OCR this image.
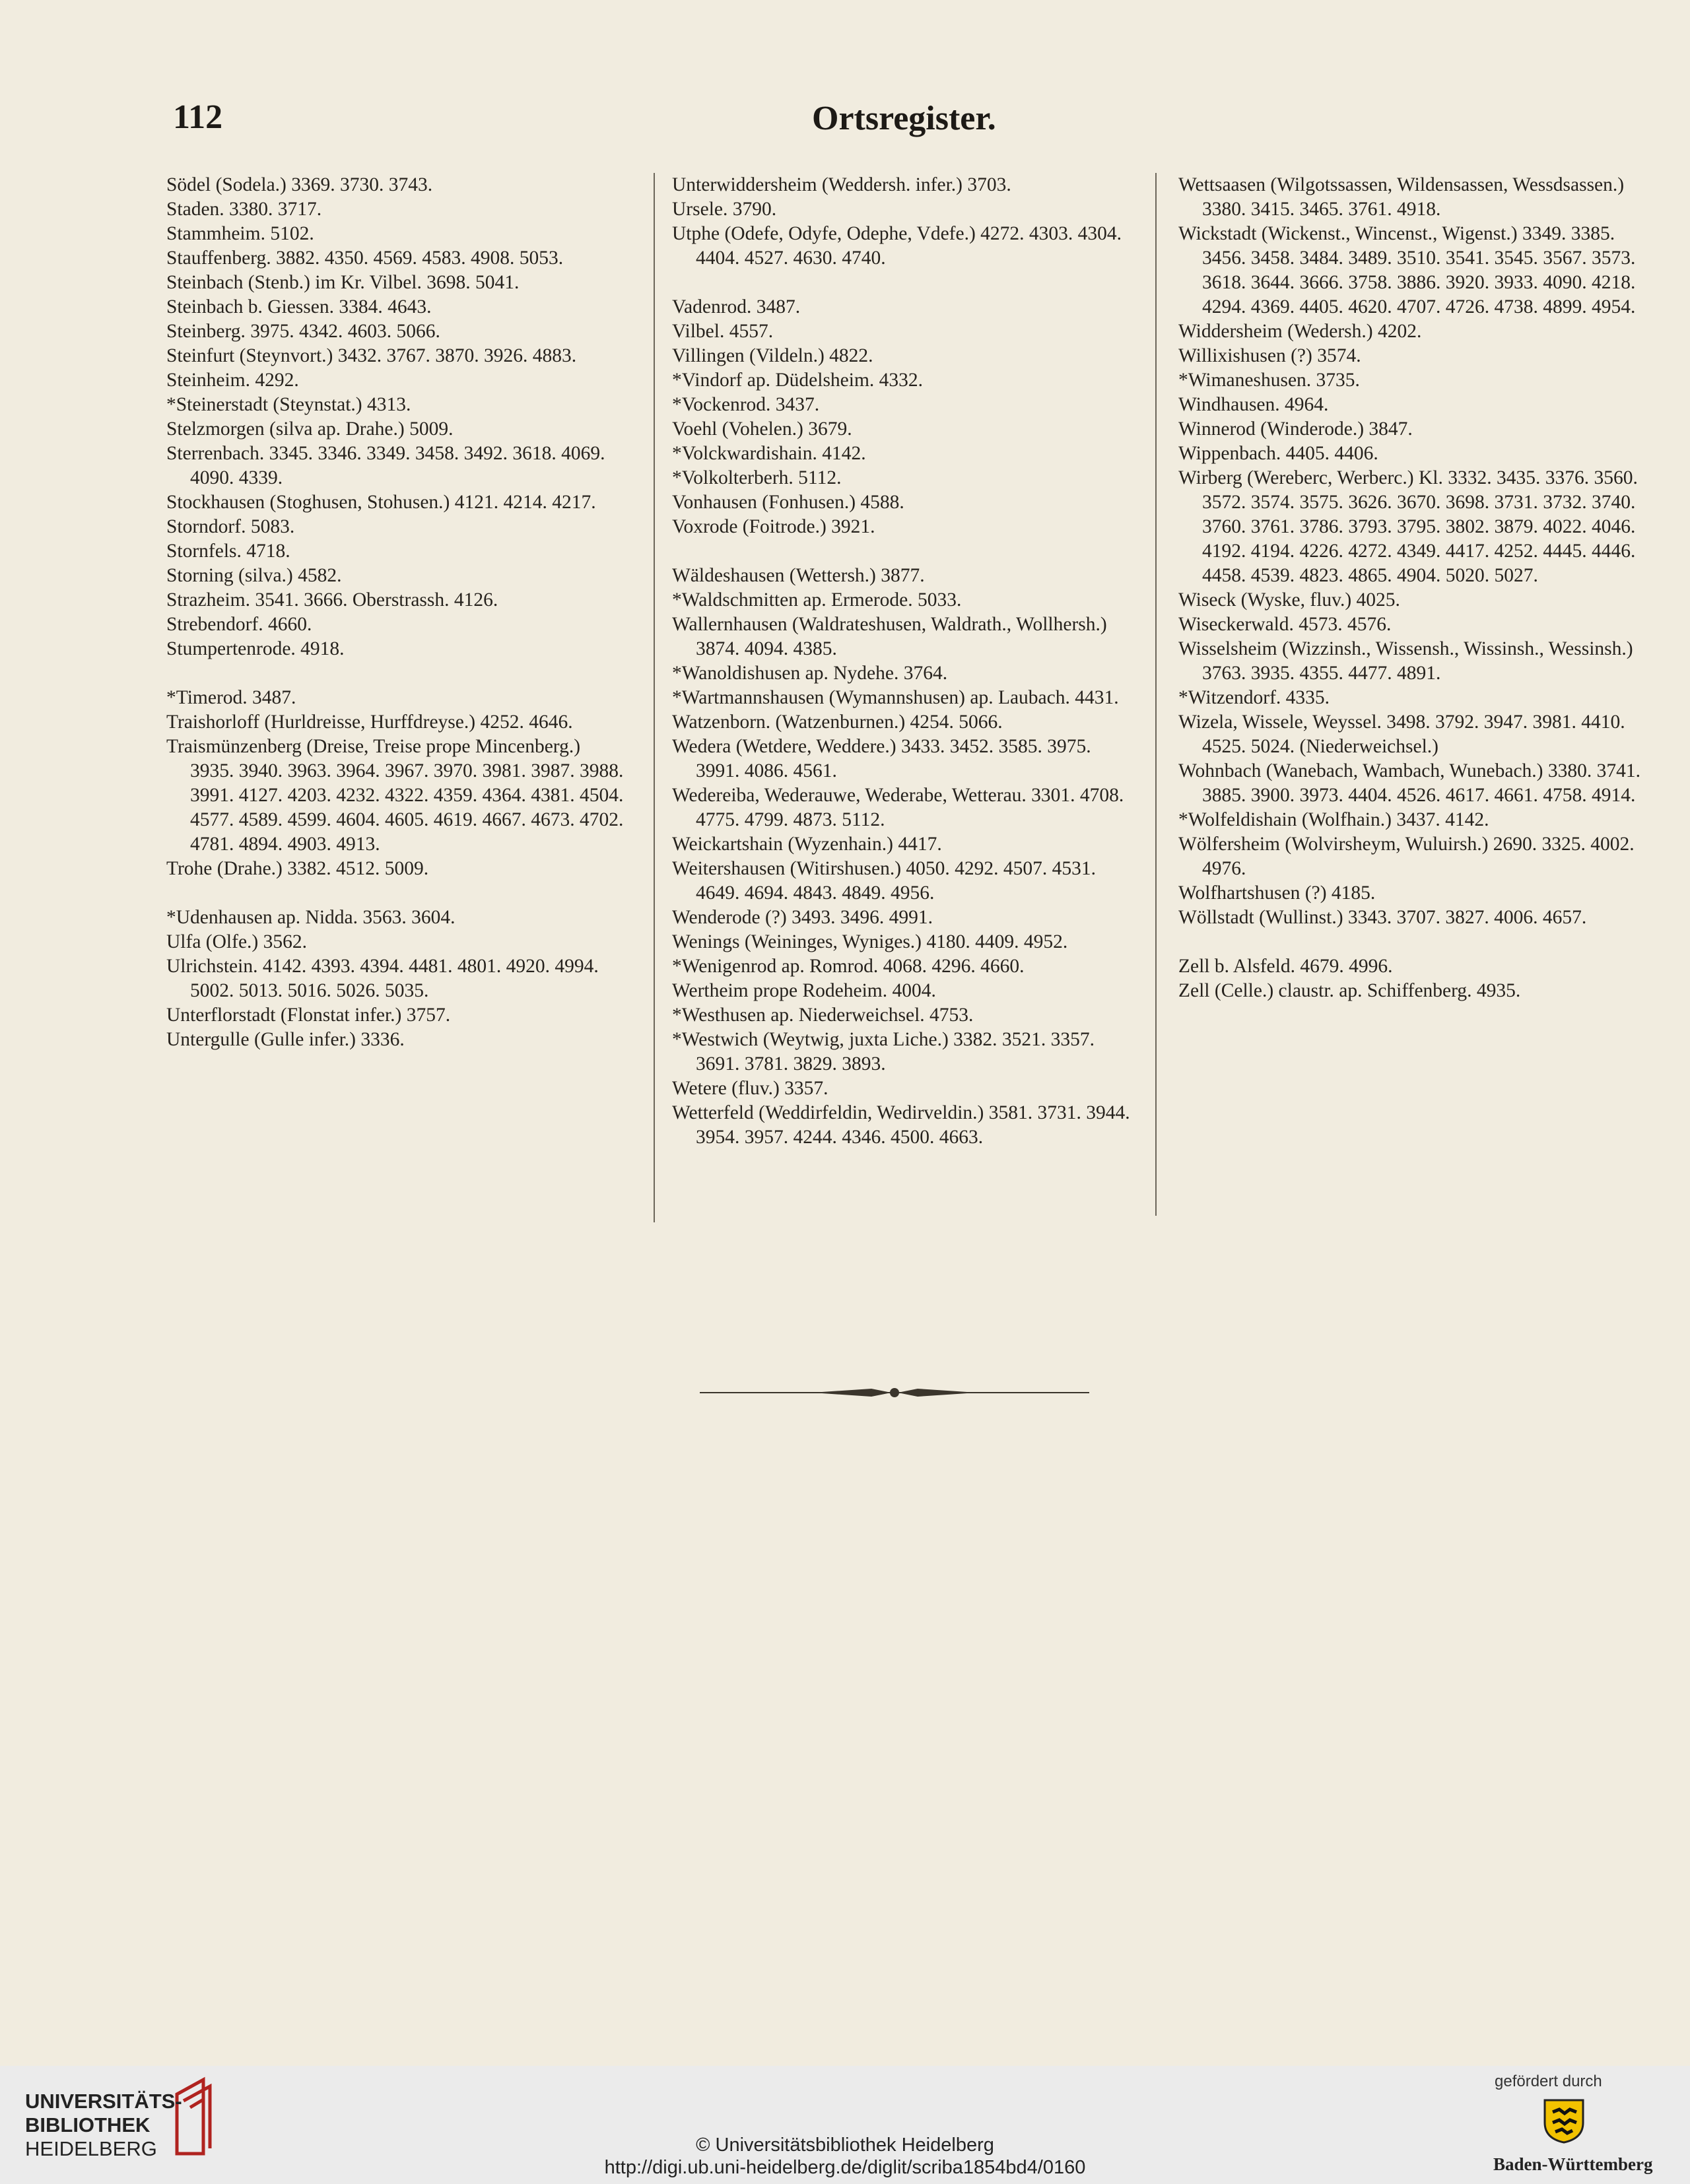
112	Ortsregister.

Södel (Sodela.) 3369. 3730. 3743.

Staden. 3380. 3717.

Stammheim. 5102.

Stauffenberg. 3882. 4350. 4569. 4583. 4908. 5053.

Steinbach (Stenb.) im Kr. Vilbel. 3698. 5041.

Steinbach b. Giessen. 3384. 4643.

Steinberg. 3975. 4342. 4603. 5066.

Steinfurt (Steynvort.) 3432. 3767. 3870. 3926. 4883.

Steinheim. 4292.

*Steinerstadt (Steynstat.) 4313.

Stelzmorgen (silva ap. Drahe.) 5009.

Sterrenbach. 3345. 3346. 3349. 3458. 3492. 3618. 4069. 4090. 4339.

Stockhausen (Stoghusen, Stohusen.) 4121. 4214. 4217.

Storndorf. 5083.

Stornfels. 4718.

Storning (silva.) 4582.

Strazheim. 3541. 3666. Oberstrassh. 4126.

Strebendorf. 4660.

Stumpertenrode. 4918.

*Timerod. 3487.

Traishorloff (Hurldreisse, Hurffdreyse.) 4252. 4646.

Traismünzenberg (Dreise, Treise prope Mincenberg.) 3935. 3940. 3963. 3964. 3967. 3970. 3981. 3987. 3988. 3991. 4127. 4203. 4232. 4322. 4359. 4364. 4381. 4504. 4577. 4589. 4599. 4604. 4605. 4619. 4667. 4673. 4702. 4781. 4894. 4903. 4913.

Trohe (Drahe.) 3382. 4512. 5009.

*Udenhausen ap. Nidda. 3563. 3604.

Ulfa (Olfe.) 3562.

Ulrichstein. 4142. 4393. 4394. 4481. 4801. 4920. 4994. 5002. 5013. 5016. 5026. 5035.

Unterflorstadt (Flonstat infer.) 3757.

Untergulle (Gulle infer.) 3336.

Unterwiddersheim (Weddersh. infer.) 3703.

Ursele. 3790.

Utphe (Odefe, Odyfe, Odephe, Vdefe.) 4272. 4303. 4304. 4404. 4527. 4630. 4740.

Vadenrod. 3487.

Vilbel. 4557.

Villingen (Vildeln.) 4822.

*Vindorf ap. Düdelsheim. 4332.

*Vockenrod. 3437.

Voehl (Vohelen.) 3679.

*Volckwardishain. 4142.

*Volkolterberh. 5112.

Vonhausen (Fonhusen.) 4588.

Voxrode (Foitrode.) 3921.

Wäldeshausen (Wettersh.) 3877.

*Waldschmitten ap. Ermerode. 5033.

Wallernhausen (Waldrateshusen, Waldrath., Wollhersh.) 3874. 4094. 4385.

*Wanoldishusen ap. Nydehe. 3764.

*Wartmannshausen (Wymannshusen) ap. Laubach. 4431.

Watzenborn. (Watzenburnen.) 4254. 5066.

Wedera (Wetdere, Weddere.) 3433. 3452. 3585. 3975. 3991. 4086. 4561.

Wedereiba, Wederauwe, Wederabe, Wetterau. 3301. 4708. 4775. 4799. 4873. 5112.

Weickartshain (Wyzenhain.) 4417.

Weitershausen (Witirshusen.) 4050. 4292. 4507. 4531. 4649. 4694. 4843. 4849. 4956.

Wenderode (?) 3493. 3496. 4991.

Wenings (Weininges, Wyniges.) 4180. 4409. 4952.

*Wenigenrod ap. Romrod. 4068. 4296. 4660.

Wertheim prope Rodeheim. 4004.

*Westhusen ap. Niederweichsel. 4753.

*Westwich (Weytwig, juxta Liche.) 3382. 3521. 3357. 3691. 3781. 3829. 3893.

Wetere (fluv.) 3357.

Wetterfeld (Weddirfeldin, Wedirveldin.) 3581. 3731. 3944. 3954. 3957. 4244. 4346. 4500. 4663.

Wettsaasen (Wilgotssassen, Wildensassen, Wessdsassen.) 3380. 3415. 3465. 3761. 4918.

Wickstadt (Wickenst., Wincenst., Wigenst.) 3349. 3385. 3456. 3458. 3484. 3489. 3510. 3541. 3545. 3567. 3573. 3618. 3644. 3666. 3758. 3886. 3920. 3933. 4090. 4218. 4294. 4369. 4405. 4620. 4707. 4726. 4738. 4899. 4954.

Widdersheim (Wedersh.) 4202.

Willixishusen (?) 3574.

*Wimaneshusen. 3735.

Windhausen. 4964.

Winnerod (Winderode.) 3847.

Wippenbach. 4405. 4406.

Wirberg (Wereberc, Werberc.) Kl. 3332. 3435. 3376. 3560. 3572. 3574. 3575. 3626. 3670. 3698. 3731. 3732. 3740. 3760. 3761. 3786. 3793. 3795. 3802. 3879. 4022. 4046. 4192. 4194. 4226. 4272. 4349. 4417. 4252. 4445. 4446. 4458. 4539. 4823. 4865. 4904. 5020. 5027.

Wiseck (Wyske, fluv.) 4025.

Wiseckerwald. 4573. 4576.

Wisselsheim (Wizzinsh., Wissensh., Wissinsh., Wessinsh.) 3763. 3935. 4355. 4477. 4891.

*Witzendorf. 4335.

Wizela, Wissele, Weyssel. 3498. 3792. 3947. 3981. 4410. 4525. 5024. (Niederweichsel.)

Wohnbach (Wanebach, Wambach, Wunebach.) 3380. 3741. 3885. 3900. 3973. 4404. 4526. 4617. 4661. 4758. 4914.

*Wolfeldishain (Wolfhain.) 3437. 4142.

Wölfersheim (Wolvirsheym, Wuluirsh.) 2690. 3325. 4002. 4976.

Wolfhartshusen (?) 4185.

Wöllstadt (Wullinst.) 3343. 3707. 3827. 4006. 4657.

Zell b. Alsfeld. 4679. 4996.

Zell (Celle.) claustr. ap. Schiffenberg. 4935.

UNIVERSITÄTS-
BIBLIOTHEK
HEIDELBERG	© Universitätsbibliothek Heidelberg
http://digi.ub.uni-heidelberg.de/diglit/scriba1854bd4/0160
gefördert durch
Baden-Württemberg
